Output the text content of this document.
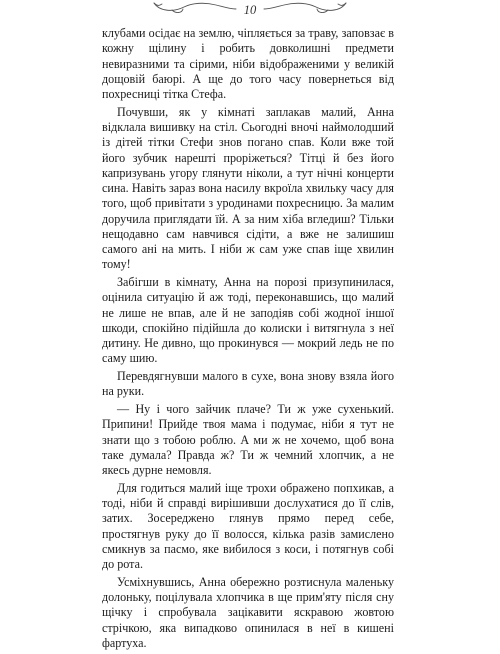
10

клубами осідає на землю, чіпляється за траву, заповзає в кожну щілину і робить довколишні предмети невиразними та сірими, ніби відображеними у великій дощовій баюрі. А ще до того часу повернеться від похресниці тітка Стефа.

Почувши, як у кімнаті заплакав малий, Анна відклала вишивку на стіл. Сьогодні вночі наймолодший із дітей тітки Стефи знов погано спав. Коли вже той його зубчик нарешті проріжеться? Тітці й без його капризувань угору глянути ніколи, а тут нічні концерти сина. Навіть зараз вона насилу вкроїла хвильку часу для того, щоб привітати з уродинами похресницю. За малим доручила приглядати їй. А за ним хіба вгледиш? Тільки нещодавно сам навчився сідіти, а вже не залишиш самого ані на мить. І ніби ж сам уже спав іще хвилин тому!

Забігши в кімнату, Анна на порозі призупинилася, оцінила ситуацію й аж тоді, переконавшись, що малий не лише не впав, але й не заподіяв собі жодної іншої шкоди, спокійно підійшла до колиски і витягнула з неї дитину. Не дивно, що прокинувся — мокрий ледь не по саму шию.

Перевдягнувши малого в сухе, вона знову взяла його на руки.

— Ну і чого зайчик плаче? Ти ж уже сухенький. Припини! Прийде твоя мама і подумає, ніби я тут не знати що з тобою роблю. А ми ж не хочемо, щоб вона таке думала? Правда ж? Ти ж чемний хлопчик, а не якесь дурне немовля.

Для годиться малий іще трохи ображено попхикав, а тоді, ніби й справді вирішивши дослухатися до її слів, затих. Зосереджено глянув прямо перед себе, простягнув руку до її волосся, кілька разів замислено смикнув за пасмо, яке вибилося з коси, і потягнув собі до рота.

Усміхнувшись, Анна обережно розтиснула маленьку долоньку, поцілувала хлопчика в ще прим'яту після сну щічку і спробувала зацікавити яскравою жовтою стрічкою, яка випадково опинилася в неї в кишені фартуха.
